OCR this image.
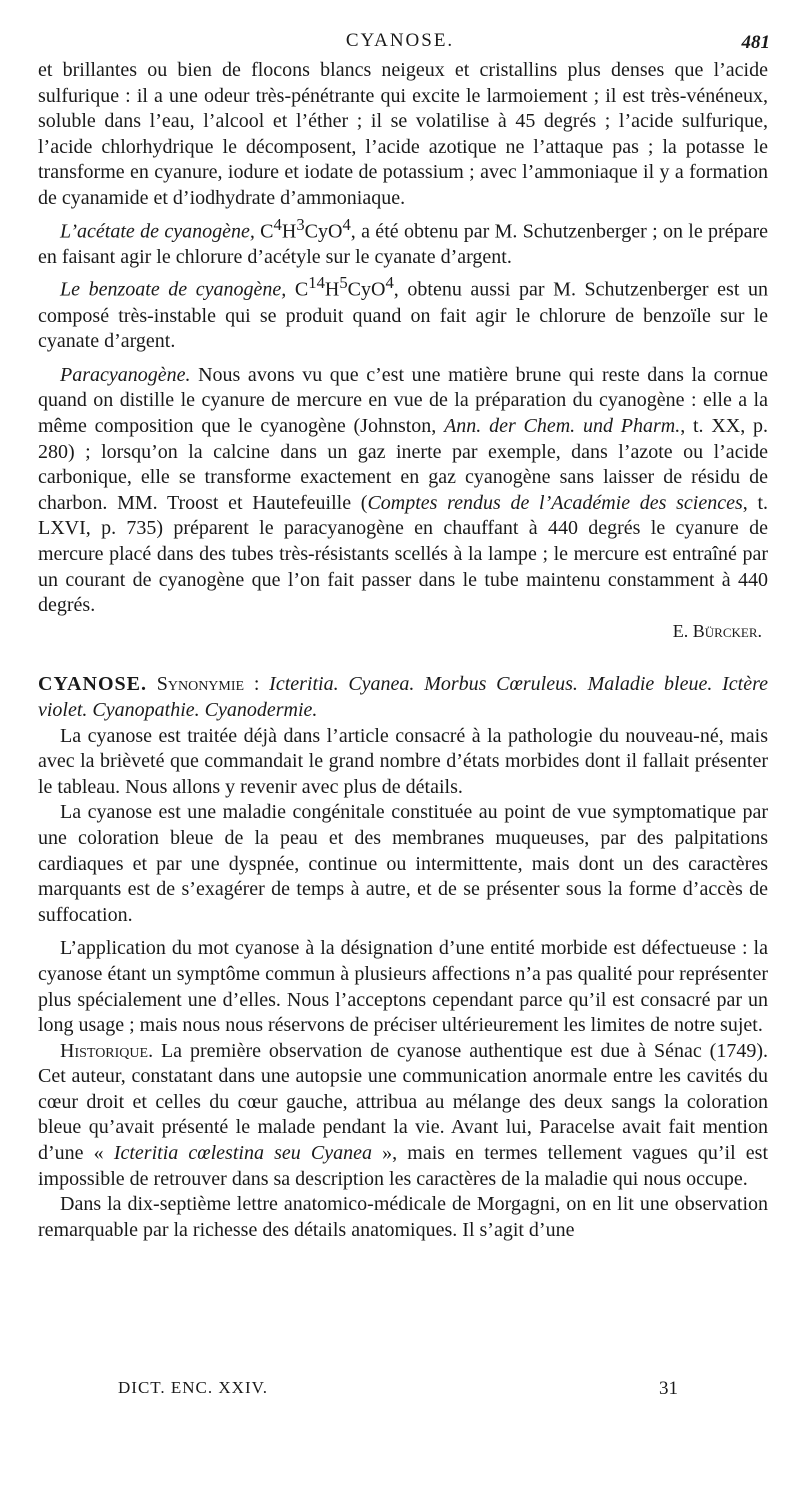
CYANOSE.	481

et brillantes ou bien de flocons blancs neigeux et cristallins plus denses que l’acide sulfurique : il a une odeur très-pénétrante qui excite le larmoiement ; il est très-vénéneux, soluble dans l’eau, l’alcool et l’éther ; il se volatilise à 45 degrés ; l’acide sulfurique, l’acide chlorhydrique le décomposent, l’acide azotique ne l’attaque pas ; la potasse le transforme en cyanure, iodure et iodate de potassium ; avec l’ammoniaque il y a formation de cyanamide et d’iodhydrate d’ammoniaque.

L’acétate de cyanogène, $C^4H^3CyO^4$, a été obtenu par M. Schutzenberger ; on le prépare en faisant agir le chlorure d’acétyle sur le cyanate d’argent.

Le benzoate de cyanogène, $C^{14}H^5CyO^4$, obtenu aussi par M. Schutzenberger est un composé très-instable qui se produit quand on fait agir le chlorure de benzoïle sur le cyanate d’argent.

Paracyanogène. Nous avons vu que c’est une matière brune qui reste dans la cornue quand on distille le cyanure de mercure en vue de la préparation du cyanogène : elle a la même composition que le cyanogène (Johnston, Ann. der Chem. und Pharm., t. XX, p. 280) ; lorsqu’on la calcine dans un gaz inerte par exemple, dans l’azote ou l’acide carbonique, elle se transforme exactement en gaz cyanogène sans laisser de résidu de charbon. MM. Troost et Hautefeuille (Comptes rendus de l’Académie des sciences, t. LXVI, p. 735) préparent le paracyanogène en chauffant à 440 degrés le cyanure de mercure placé dans des tubes très-résistants scellés à la lampe ; le mercure est entraîné par un courant de cyanogène que l’on fait passer dans le tube maintenu constamment à 440 degrés.

E. Bürcker.

CYANOSE. Synonymie : Icteritia. Cyanea. Morbus Cœruleus. Maladie bleue. Ictère violet. Cyanopathie. Cyanodermie.

La cyanose est traitée déjà dans l’article consacré à la pathologie du nouveau-né, mais avec la brièveté que commandait le grand nombre d’états morbides dont il fallait présenter le tableau. Nous allons y revenir avec plus de détails.

La cyanose est une maladie congénitale constituée au point de vue symptomatique par une coloration bleue de la peau et des membranes muqueuses, par des palpitations cardiaques et par une dyspnée, continue ou intermittente, mais dont un des caractères marquants est de s’exagérer de temps à autre, et de se présenter sous la forme d’accès de suffocation.

L’application du mot cyanose à la désignation d’une entité morbide est défectueuse : la cyanose étant un symptôme commun à plusieurs affections n’a pas qualité pour représenter plus spécialement une d’elles. Nous l’acceptons cependant parce qu’il est consacré par un long usage ; mais nous nous réservons de préciser ultérieurement les limites de notre sujet.

Historique. La première observation de cyanose authentique est due à Sénac (1749). Cet auteur, constatant dans une autopsie une communication anormale entre les cavités du cœur droit et celles du cœur gauche, attribua au mélange des deux sangs la coloration bleue qu’avait présenté le malade pendant la vie. Avant lui, Paracelse avait fait mention d’une « Icteritia cœlestina seu Cyanea », mais en termes tellement vagues qu’il est impossible de retrouver dans sa description les caractères de la maladie qui nous occupe.

Dans la dix-septième lettre anatomico-médicale de Morgagni, on en lit une observation remarquable par la richesse des détails anatomiques. Il s’agit d’une

DICT. ENC. XXIV.	31
